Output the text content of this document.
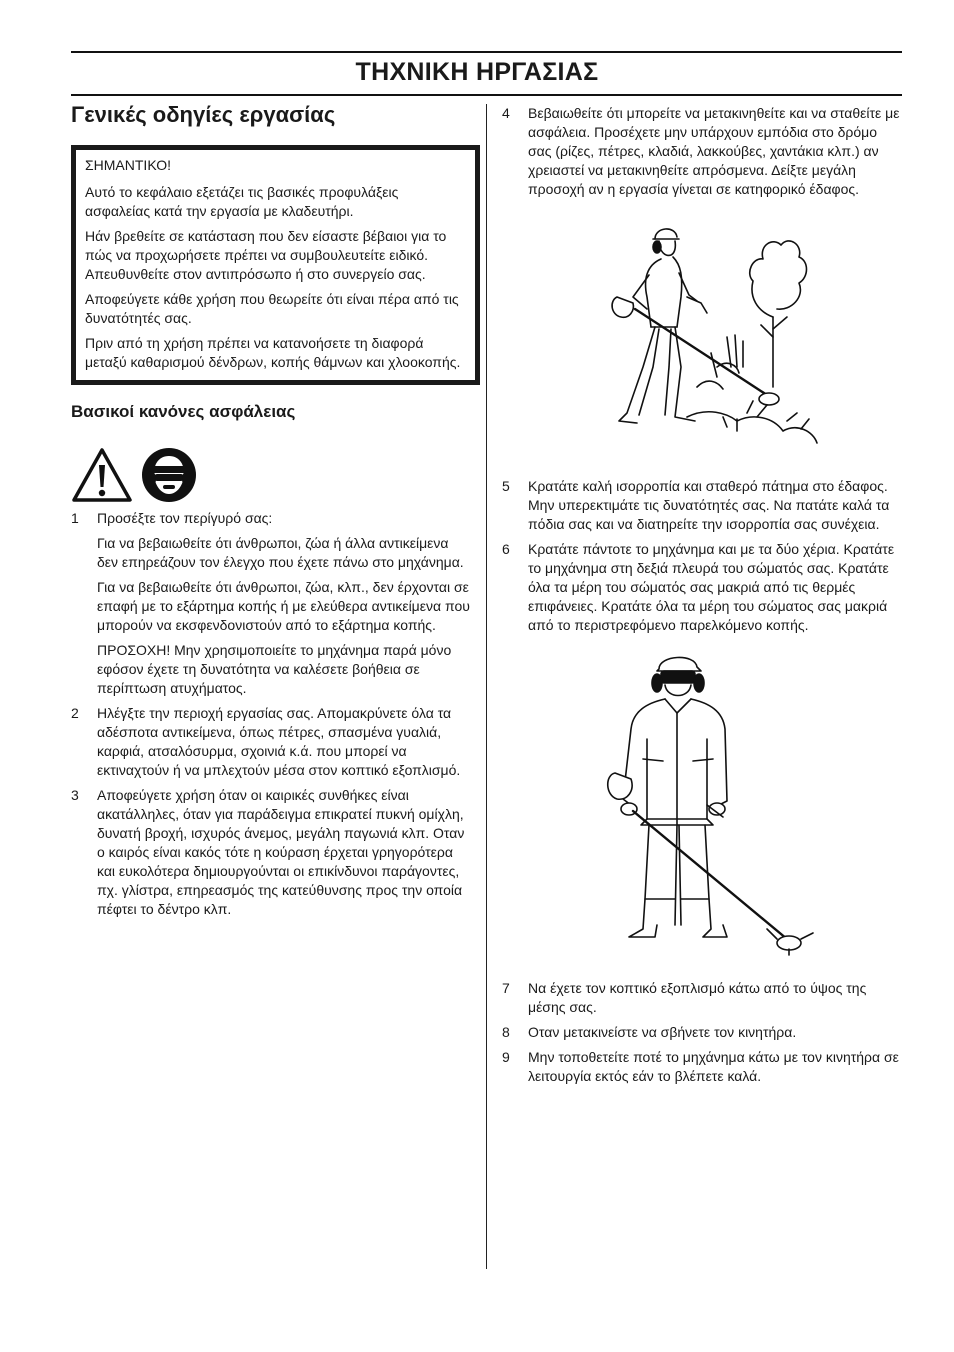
ΤΗΧΝΙΚΗ ΗΡΓΑΣΙΑΣ
Γενικές οδηγίες εργασίας

ΣΗΜΑΝΤΙΚΟ!

Αυτό το κεφάλαιο εξετάζει τις βασικές προφυλάξεις ασφαλείας κατά την εργασία με κλαδευτήρι.

Hάν βρεθείτε σε κατάσταση που δεν είσαστε βέβαιοι για το πώς να προχωρήσετε πρέπει να συμβουλευτείτε ειδικό. Απευθυνθείτε στον αντιπρόσωπο ή στο συνεργείο σας.

Αποφεύγετε κάθε χρήση που θεωρείτε ότι είναι πέρα από τις δυνατότητές σας.

Πριν από τη χρήση πρέπει να κατανοήσετε τη διαφορά μεταξύ καθαρισμού δένδρων, κοπής θάμνων και χλοοκοπής.

Βασικοί κανόνες ασφάλειας
1	Προσέξτε τον περίγυρό σας:

Για να βεβαιωθείτε ότι άνθρωποι, ζώα ή άλλα αντικείμενα δεν επηρεάζουν τον έλεγχο που έχετε πάνω στο μηχάνημα.

Για να βεβαιωθείτε ότι άνθρωποι, ζώα, κλπ., δεν έρχονται σε επαφή με το εξάρτημα κοπής ή με ελεύθερα αντικείμενα που μπορούν να εκσφενδονιστούν από το εξάρτημα κοπής.

ΠΡΟΣΟΧΗ! Μην χρησιμοποιείτε το μηχάνημα παρά μόνο εφόσον έχετε τη δυνατότητα να καλέσετε βοήθεια σε περίπτωση ατυχήματος.

2	Ηλέγξτε την περιοχή εργασίας σας. Απομακρύνετε όλα τα αδέσποτα αντικείμενα, όπως πέτρες, σπασμένα γυαλιά, καρφιά, ατσαλόσυρμα, σχοινιά κ.ά. που μπορεί να εκτιναχτούν ή να μπλεχτούν μέσα στον κοπτικό εξοπλισμό.
3	Αποφεύγετε χρήση όταν οι καιρικές συνθήκες είναι ακατάλληλες, όταν για παράδειγμα επικρατεί πυκνή ομίχλη, δυνατή βροχή, ισχυρός άνεμος, μεγάλη παγωνιά κλπ. Οταν ο καιρός είναι κακός τότε η κούραση έρχεται γρηγορότερα και ευκολότερα δημιουργούνται οι επικίνδυνοι παράγοντες, πχ. γλίστρα, επηρεασμός της κατεύθυνσης προς την οποία πέφτει το δέντρο κλπ.
4	Βεβαιωθείτε ότι μπορείτε να μετακινηθείτε και να σταθείτε με ασφάλεια. Προσέχετε μην υπάρχουν εμπόδια στο δρόμο σας (ρίζες, πέτρες, κλαδιά, λακκούβες, χαντάκια κλπ.) αν χρειαστεί να μετακινηθείτε απρόσμενα. Δείξτε μεγάλη προσοχή αν η εργασία γίνεται σε κατηφορικό έδαφος.
5	Κρατάτε καλή ισορροπία και σταθερό πάτημα στο έδαφος. Μην υπερεκτιμάτε τις δυνατότητές σας. Να πατάτε καλά τα πόδια σας και να διατηρείτε την ισορροπία σας συνέχεια.
6	Κρατάτε πάντοτε το μηχάνημα και με τα δύο χέρια. Κρατάτε το μηχάνημα στη δεξιά πλευρά του σώματός σας. Κρατάτε όλα τα μέρη του σώματός σας μακριά από τις θερμές επιφάνειες. Κρατάτε όλα τα μέρη του σώματος σας μακριά από το περιστρεφόμενο παρελκόμενο κοπής.
7	Να έχετε τον κοπτικό εξοπλισμό κάτω από το ύψος της μέσης σας.
8	Οταν μετακινείστε να σβήνετε τον κινητήρα.
9	Μην τοποθετείτε ποτέ το μηχάνημα κάτω με τον κινητήρα σε λειτουργία εκτός εάν το βλέπετε καλά.
